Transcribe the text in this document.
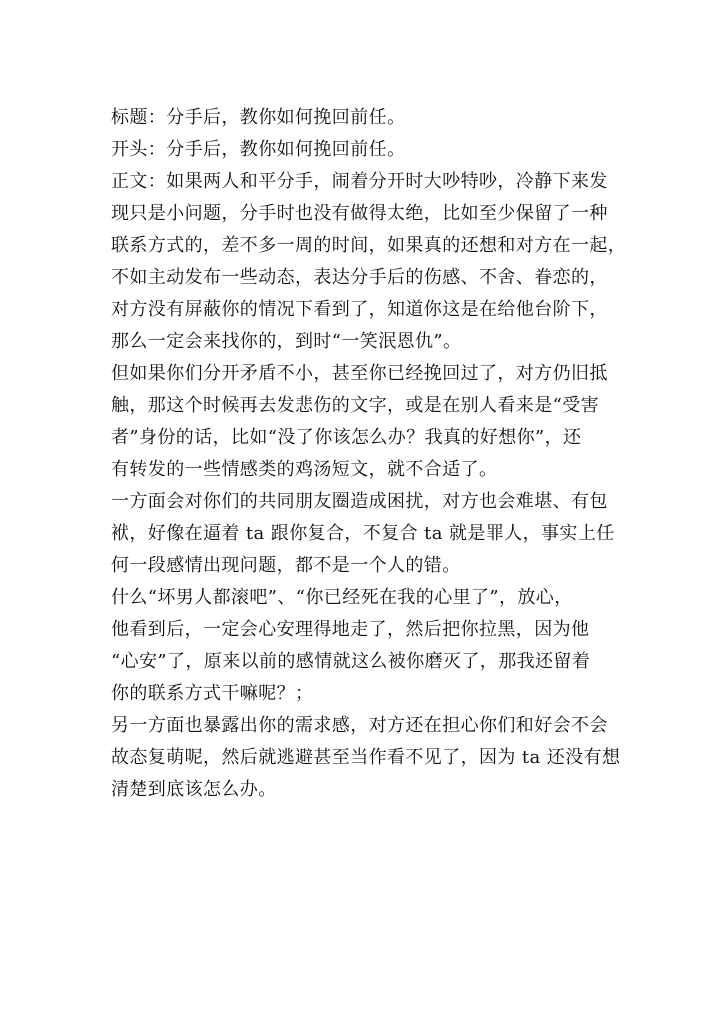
标题：分手后，教你如何挽回前任。
开头：分手后，教你如何挽回前任。
正文：如果两人和平分手，闹着分开时大吵特吵，冷静下来发
现只是小问题，分手时也没有做得太绝，比如至少保留了一种
联系方式的，差不多一周的时间，如果真的还想和对方在一起，
不如主动发布一些动态，表达分手后的伤感、不舍、眷恋的，
对方没有屏蔽你的情况下看到了，知道你这是在给他台阶下，
那么一定会来找你的，到时“一笑泯恩仇”。
但如果你们分开矛盾不小，甚至你已经挽回过了，对方仍旧抵
触，那这个时候再去发悲伤的文字，或是在别人看来是“受害
者”身份的话，比如“没了你该怎么办？我真的好想你”，还
有转发的一些情感类的鸡汤短文，就不合适了。
一方面会对你们的共同朋友圈造成困扰，对方也会难堪、有包
袱，好像在逼着 ta 跟你复合，不复合 ta 就是罪人，事实上任
何一段感情出现问题，都不是一个人的错。
什么“坏男人都滚吧”、“你已经死在我的心里了”，放心，
他看到后，一定会心安理得地走了，然后把你拉黑，因为他
“心安”了，原来以前的感情就这么被你磨灭了，那我还留着
你的联系方式干嘛呢？；
另一方面也暴露出你的需求感，对方还在担心你们和好会不会
故态复萌呢，然后就逃避甚至当作看不见了，因为 ta 还没有想
清楚到底该怎么办。
